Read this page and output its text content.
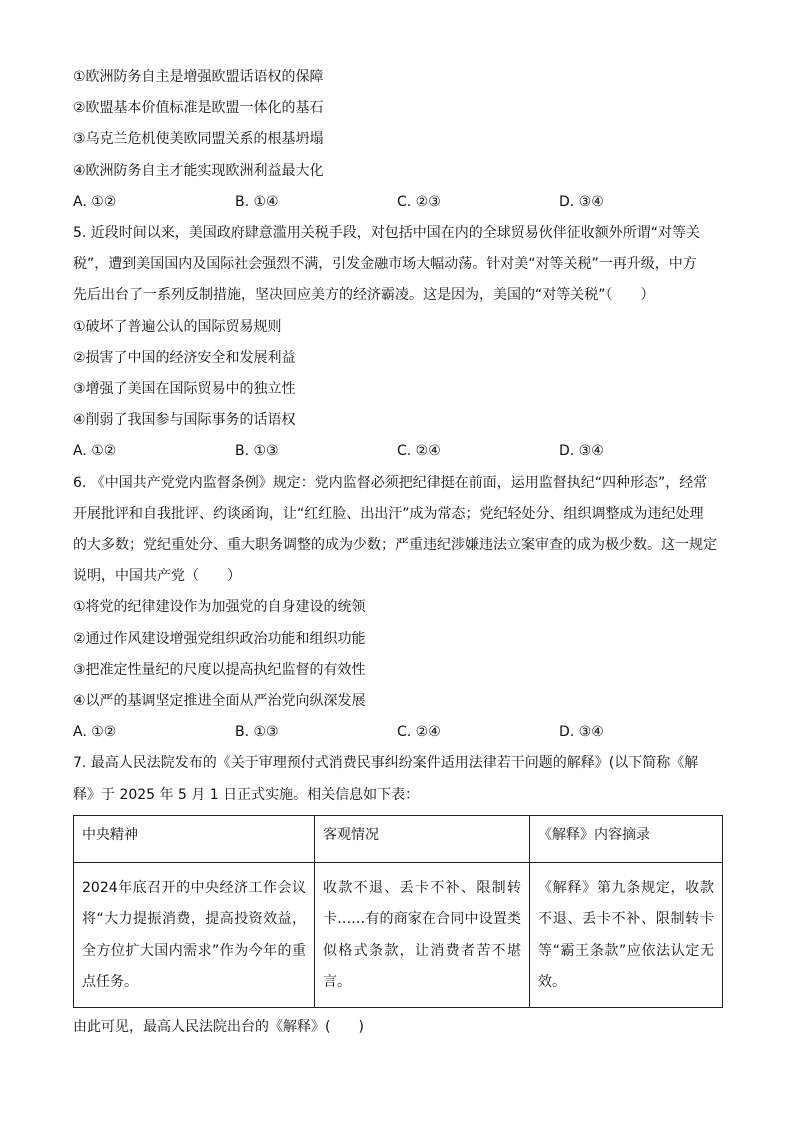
①欧洲防务自主是增强欧盟话语权的保障
②欧盟基本价值标准是欧盟一体化的基石
③乌克兰危机使美欧同盟关系的根基坍塌
④欧洲防务自主才能实现欧洲利益最大化
A. ①②	B. ①④	C. ②③	D. ③④
5. 近段时间以来，美国政府肆意滥用关税手段，对包括中国在内的全球贸易伙伴征收额外所谓“对等关
税”，遭到美国国内及国际社会强烈不满，引发金融市场大幅动荡。针对美“对等关税”一再升级，中方
先后出台了一系列反制措施，坚决回应美方的经济霸凌。这是因为，美国的“对等关税”（　　）
①破坏了普遍公认的国际贸易规则
②损害了中国的经济安全和发展利益
③增强了美国在国际贸易中的独立性
④削弱了我国参与国际事务的话语权
A. ①②	B. ①③	C. ②④	D. ③④
6. 《中国共产党党内监督条例》规定：党内监督必须把纪律挺在前面，运用监督执纪“四种形态”，经常
开展批评和自我批评、约谈函询，让“红红脸、出出汗”成为常态；党纪轻处分、组织调整成为违纪处理
的大多数；党纪重处分、重大职务调整的成为少数；严重违纪涉嫌违法立案审查的成为极少数。这一规定
说明，中国共产党（　　）
①将党的纪律建设作为加强党的自身建设的统领
②通过作风建设增强党组织政治功能和组织功能
③把准定性量纪的尺度以提高执纪监督的有效性
④以严的基调坚定推进全面从严治党向纵深发展
A. ①②	B. ①③	C. ②④	D. ③④
7. 最高人民法院发布的《关于审理预付式消费民事纠纷案件适用法律若干问题的解释》(以下简称《解
释》于 2025 年 5 月 1 日正式实施。相关信息如下表：
中央精神	客观情况	《解释》内容摘录
2024年底召开的中央经济工作会议将“大力提振消费，提高投资效益，全方位扩大国内需求”作为今年的重点任务。	收款不退、丢卡不补、限制转卡……有的商家在合同中设置类似格式条款，让消费者苦不堪言。	《解释》第九条规定，收款不退、丢卡不补、限制转卡等“霸王条款”应依法认定无效。
由此可见，最高人民法院出台的《解释》(　　)
